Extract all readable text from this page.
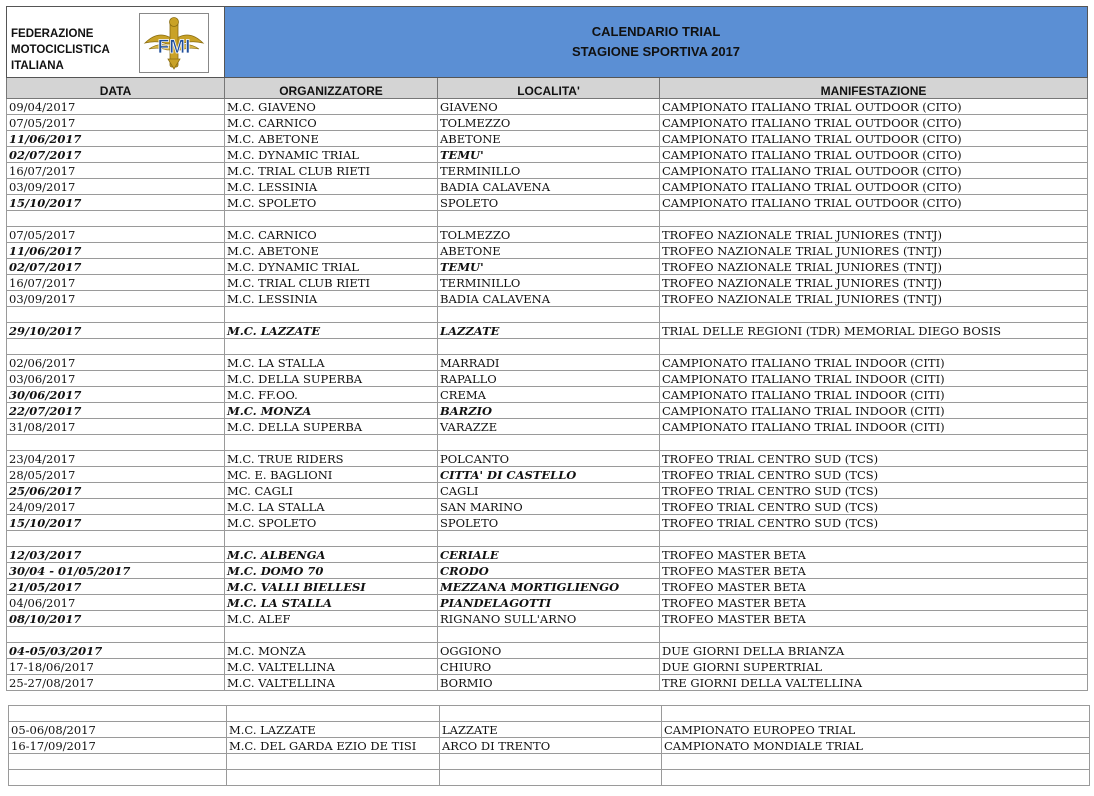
FEDERAZIONE
MOTOCICLISTICA
ITALIANA
FMI	CALENDARIO TRIAL
STAGIONE SPORTIVA 2017		

DATA	ORGANIZZATORE	LOCALITA'	MANIFESTAZIONE
09/04/2017	M.C. GIAVENO	GIAVENO	CAMPIONATO ITALIANO TRIAL OUTDOOR (CITO)
07/05/2017	M.C. CARNICO	TOLMEZZO	CAMPIONATO ITALIANO TRIAL OUTDOOR (CITO)
11/06/2017	M.C. ABETONE	ABETONE	CAMPIONATO ITALIANO TRIAL OUTDOOR (CITO)
02/07/2017	M.C. DYNAMIC TRIAL	TEMU'	CAMPIONATO ITALIANO TRIAL OUTDOOR (CITO)
16/07/2017	M.C. TRIAL CLUB RIETI	TERMINILLO	CAMPIONATO ITALIANO TRIAL OUTDOOR (CITO)
03/09/2017	M.C. LESSINIA	BADIA CALAVENA	CAMPIONATO ITALIANO TRIAL OUTDOOR (CITO)
15/10/2017	M.C. SPOLETO	SPOLETO	CAMPIONATO ITALIANO TRIAL OUTDOOR (CITO)

07/05/2017	M.C. CARNICO	TOLMEZZO	TROFEO NAZIONALE TRIAL JUNIORES (TNTJ)
11/06/2017	M.C. ABETONE	ABETONE	TROFEO NAZIONALE TRIAL JUNIORES (TNTJ)
02/07/2017	M.C. DYNAMIC TRIAL	TEMU'	TROFEO NAZIONALE TRIAL JUNIORES (TNTJ)
16/07/2017	M.C. TRIAL CLUB RIETI	TERMINILLO	TROFEO NAZIONALE TRIAL JUNIORES (TNTJ)
03/09/2017	M.C. LESSINIA	BADIA CALAVENA	TROFEO NAZIONALE TRIAL JUNIORES (TNTJ)

29/10/2017	M.C. LAZZATE	LAZZATE	TRIAL DELLE REGIONI (TDR) MEMORIAL DIEGO BOSIS

02/06/2017	M.C. LA STALLA	MARRADI	CAMPIONATO ITALIANO TRIAL INDOOR (CITI)
03/06/2017	M.C. DELLA SUPERBA	RAPALLO	CAMPIONATO ITALIANO TRIAL INDOOR (CITI)
30/06/2017	M.C. FF.OO.	CREMA	CAMPIONATO ITALIANO TRIAL INDOOR (CITI)
22/07/2017	M.C. MONZA	BARZIO	CAMPIONATO ITALIANO TRIAL INDOOR (CITI)
31/08/2017	M.C. DELLA SUPERBA	VARAZZE	CAMPIONATO ITALIANO TRIAL INDOOR (CITI)

23/04/2017	M.C. TRUE RIDERS	POLCANTO	TROFEO TRIAL CENTRO SUD (TCS)
28/05/2017	MC. E. BAGLIONI	CITTA' DI CASTELLO	TROFEO TRIAL CENTRO SUD (TCS)
25/06/2017	MC. CAGLI	CAGLI	TROFEO TRIAL CENTRO SUD (TCS)
24/09/2017	M.C. LA STALLA	SAN MARINO	TROFEO TRIAL CENTRO SUD (TCS)
15/10/2017	M.C. SPOLETO	SPOLETO	TROFEO TRIAL CENTRO SUD (TCS)

12/03/2017	M.C. ALBENGA	CERIALE	TROFEO MASTER BETA
30/04 - 01/05/2017	M.C. DOMO 70	CRODO	TROFEO MASTER BETA
21/05/2017	M.C. VALLI BIELLESI	MEZZANA MORTIGLIENGO	TROFEO MASTER BETA
04/06/2017	M.C. LA STALLA	PIANDELAGOTTI	TROFEO MASTER BETA
08/10/2017	M.C. ALEF	RIGNANO SULL'ARNO	TROFEO MASTER BETA

04-05/03/2017	M.C. MONZA	OGGIONO	DUE GIORNI DELLA BRIANZA
17-18/06/2017	M.C. VALTELLINA	CHIURO	DUE GIORNI SUPERTRIAL
25-27/08/2017	M.C. VALTELLINA	BORMIO	TRE GIORNI DELLA VALTELLINA

05-06/08/2017	M.C. LAZZATE	LAZZATE	CAMPIONATO EUROPEO TRIAL
16-17/09/2017	M.C. DEL GARDA EZIO DE TISI	ARCO DI TRENTO	CAMPIONATO MONDIALE TRIAL
